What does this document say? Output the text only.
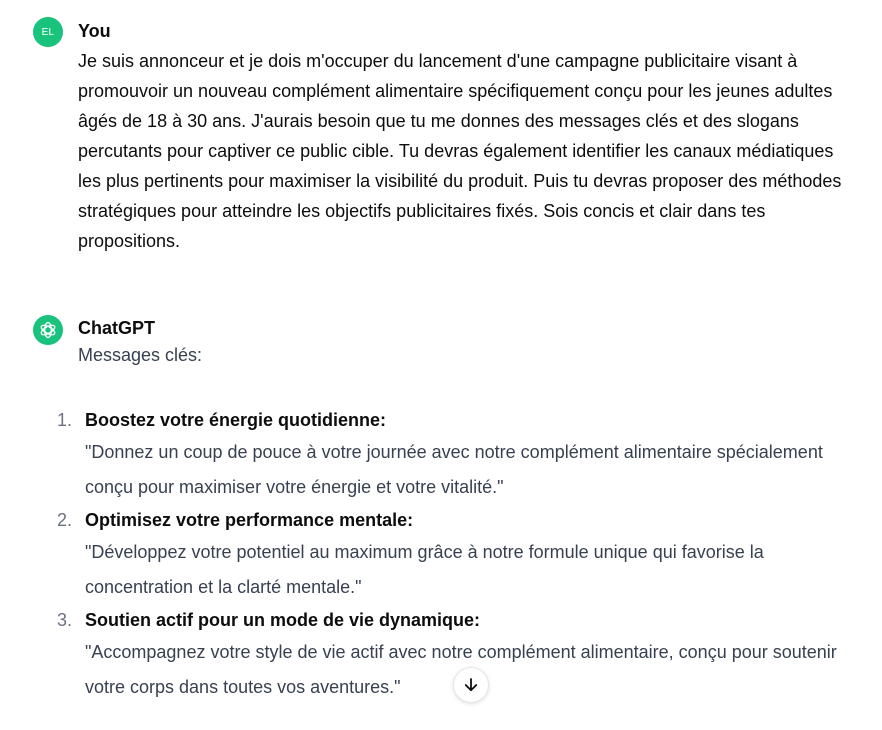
EL You
Je suis annonceur et je dois m'occuper du lancement d'une campagne publicitaire visant à promouvoir un nouveau complément alimentaire spécifiquement conçu pour les jeunes adultes âgés de 18 à 30 ans. J'aurais besoin que tu me donnes des messages clés et des slogans percutants pour captiver ce public cible. Tu devras également identifier les canaux médiatiques les plus pertinents pour maximiser la visibilité du produit. Puis tu devras proposer des méthodes stratégiques pour atteindre les objectifs publicitaires fixés. Sois concis et clair dans tes propositions.
ChatGPT
Messages clés:
1. Boostez votre énergie quotidienne:
"Donnez un coup de pouce à votre journée avec notre complément alimentaire spécialement conçu pour maximiser votre énergie et votre vitalité."
2. Optimisez votre performance mentale:
"Développez votre potentiel au maximum grâce à notre formule unique qui favorise la concentration et la clarté mentale."
3. Soutien actif pour un mode de vie dynamique:
"Accompagnez votre style de vie actif avec notre complément alimentaire, conçu pour soutenir votre corps dans toutes vos aventures."
